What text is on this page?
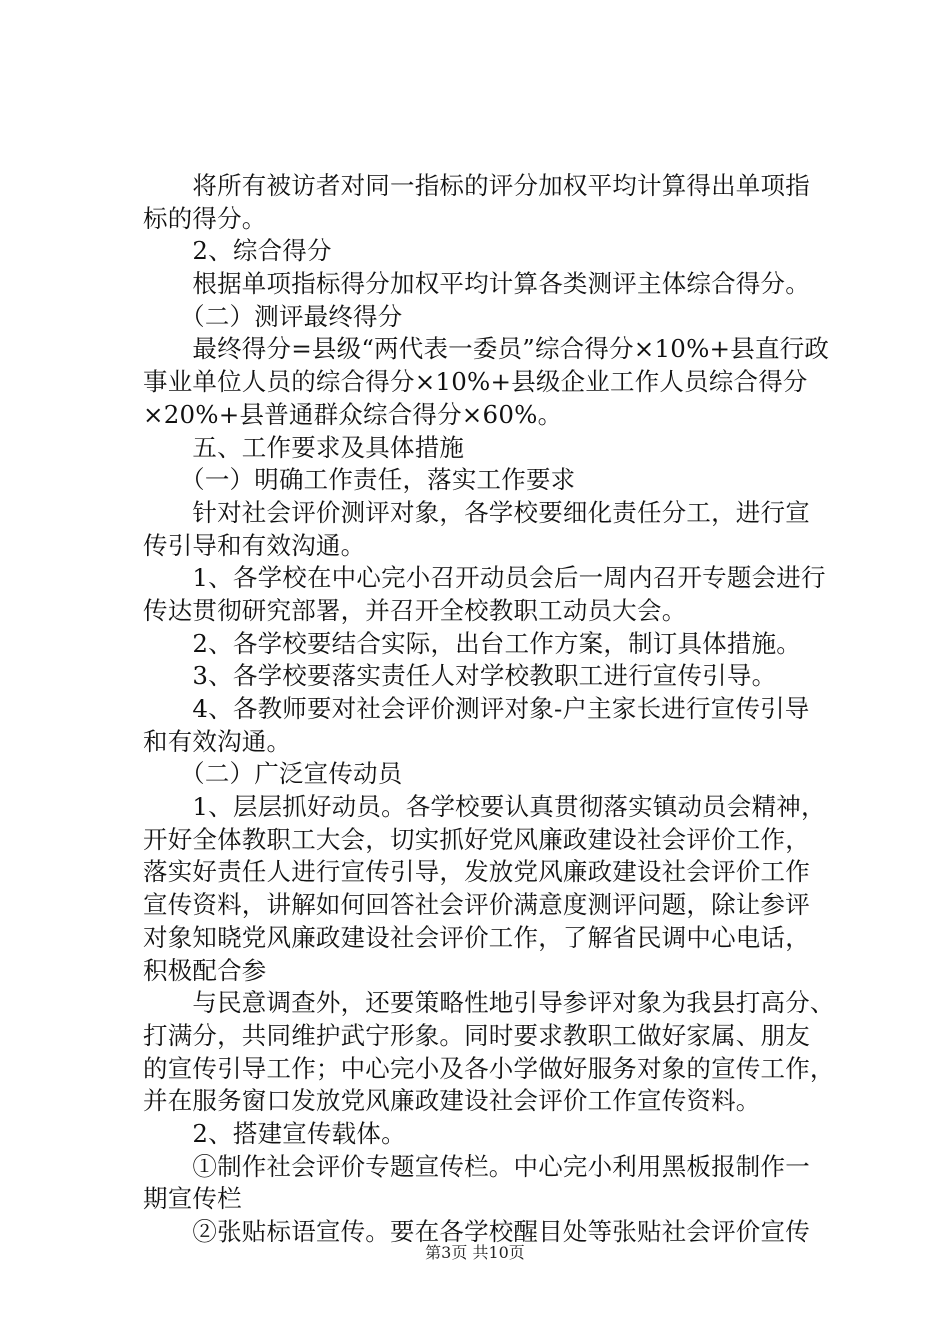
　　将所有被访者对同一指标的评分加权平均计算得出单项指
标的得分。
　　2、综合得分
　　根据单项指标得分加权平均计算各类测评主体综合得分。
　　（二）测评最终得分
　　最终得分=县级“两代表一委员”综合得分×10%+县直行政
事业单位人员的综合得分×10%+县级企业工作人员综合得分
×20%+县普通群众综合得分×60%。
　　五、工作要求及具体措施
　　（一）明确工作责任，落实工作要求
　　针对社会评价测评对象，各学校要细化责任分工，进行宣
传引导和有效沟通。
　　1、各学校在中心完小召开动员会后一周内召开专题会进行
传达贯彻研究部署，并召开全校教职工动员大会。
　　2、各学校要结合实际，出台工作方案，制订具体措施。
　　3、各学校要落实责任人对学校教职工进行宣传引导。
　　4、各教师要对社会评价测评对象-户主家长进行宣传引导
和有效沟通。
　　（二）广泛宣传动员
　　1、层层抓好动员。各学校要认真贯彻落实镇动员会精神，
开好全体教职工大会，切实抓好党风廉政建设社会评价工作，
落实好责任人进行宣传引导，发放党风廉政建设社会评价工作
宣传资料，讲解如何回答社会评价满意度测评问题，除让参评
对象知晓党风廉政建设社会评价工作，了解省民调中心电话，
积极配合参
　　与民意调查外，还要策略性地引导参评对象为我县打高分、
打满分，共同维护武宁形象。同时要求教职工做好家属、朋友
的宣传引导工作；中心完小及各小学做好服务对象的宣传工作，
并在服务窗口发放党风廉政建设社会评价工作宣传资料。
　　2、搭建宣传载体。
　　①制作社会评价专题宣传栏。中心完小利用黑板报制作一
期宣传栏
　　②张贴标语宣传。要在各学校醒目处等张贴社会评价宣传
第3页 共10页
